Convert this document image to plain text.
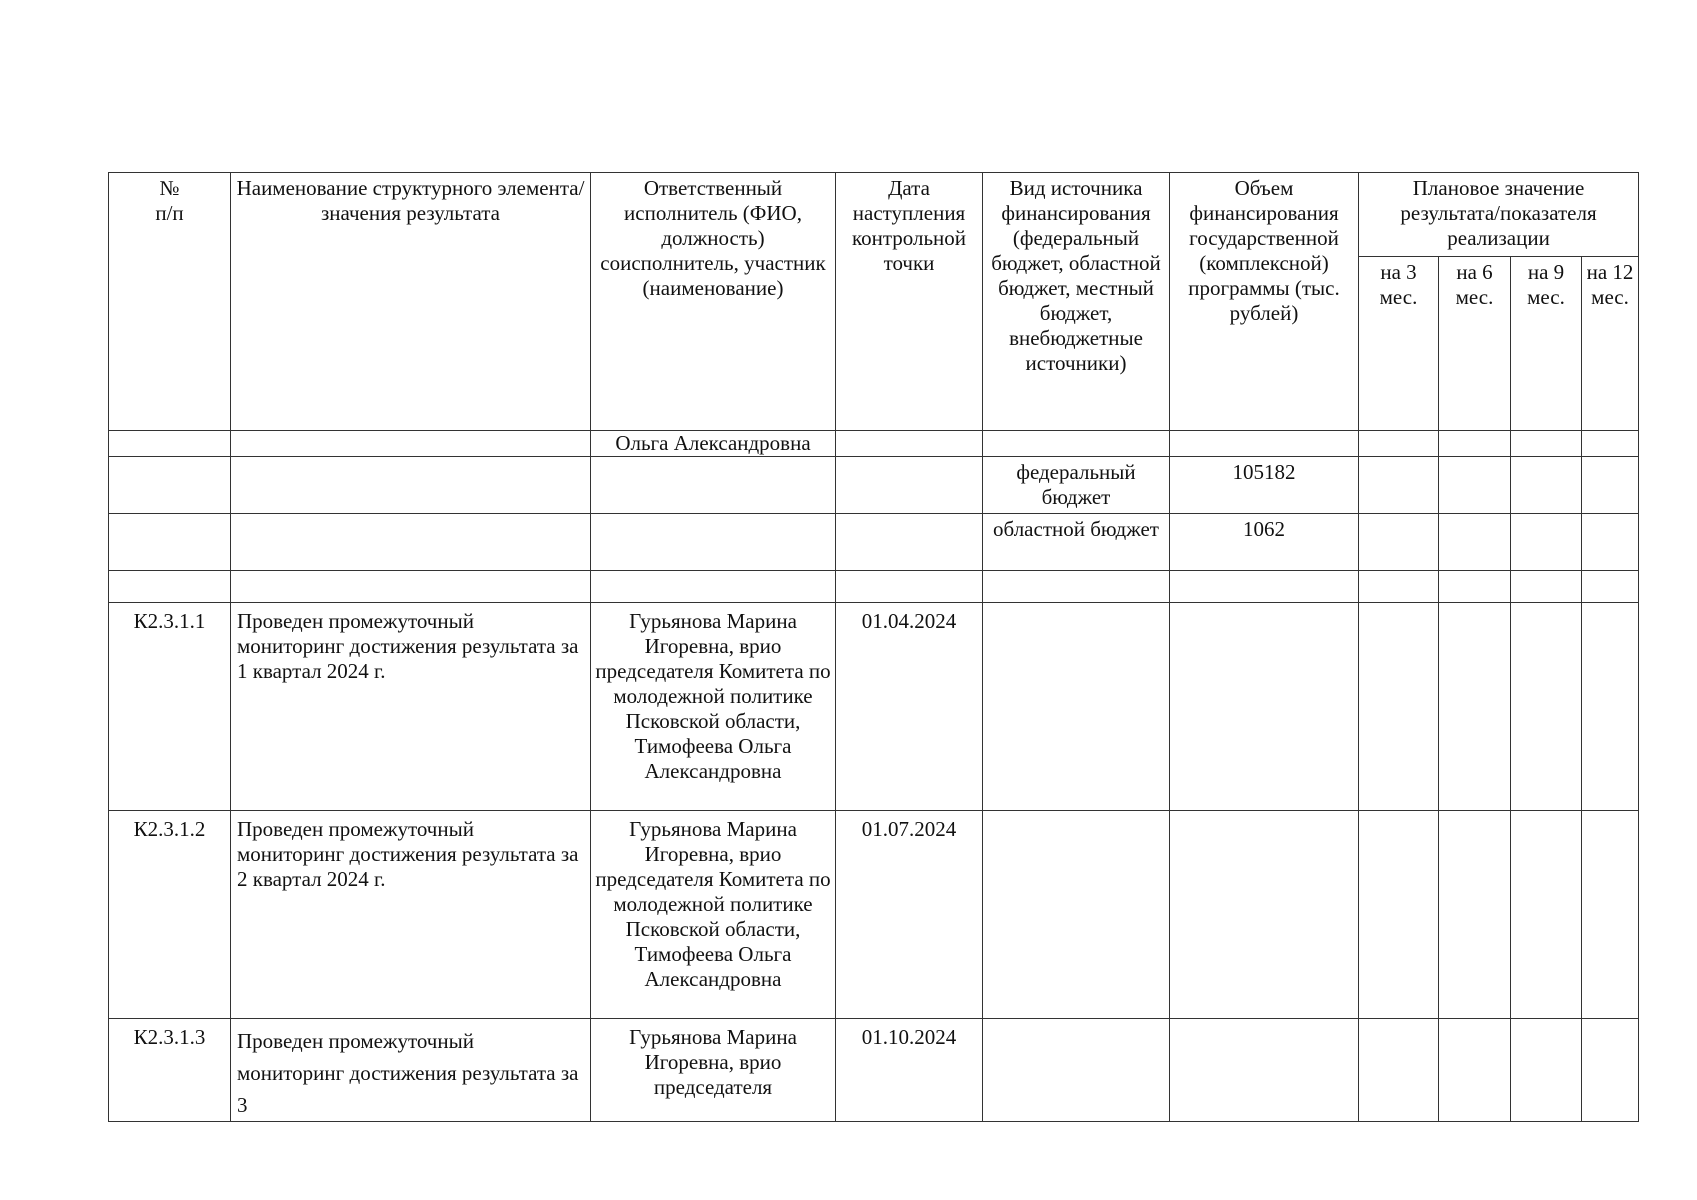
№
п/п	Наименование структурного элемента/ значения результата	Ответственный исполнитель (ФИО, должность) соисполнитель, участник (наименование)	Дата наступления контрольной точки	Вид источника финансирования (федеральный бюджет, областной бюджет, местный бюджет, внебюджетные источники)	Объем финансирования государственной (комплексной) программы (тыс. рублей)	Плановое значение результата/показателя реализации			
						на 3 мес.	на 6 мес.	на 9 мес.	на 12 мес.
		Ольга Александровна							
				федеральный бюджет	105182				
				областной бюджет	1062				

К2.3.1.1	Проведен промежуточный мониторинг достижения результата за 1 квартал 2024 г.	Гурьянова Марина Игоревна, врио председателя Комитета по молодежной политике Псковской области, Тимофеева Ольга Александровна	01.04.2024						
К2.3.1.2	Проведен промежуточный мониторинг достижения результата за 2 квартал 2024 г.	Гурьянова Марина Игоревна, врио председателя Комитета по молодежной политике Псковской области, Тимофеева Ольга Александровна	01.07.2024						
К2.3.1.3	Проведен промежуточный мониторинг достижения результата за 3	Гурьянова Марина Игоревна, врио председателя	01.10.2024						
